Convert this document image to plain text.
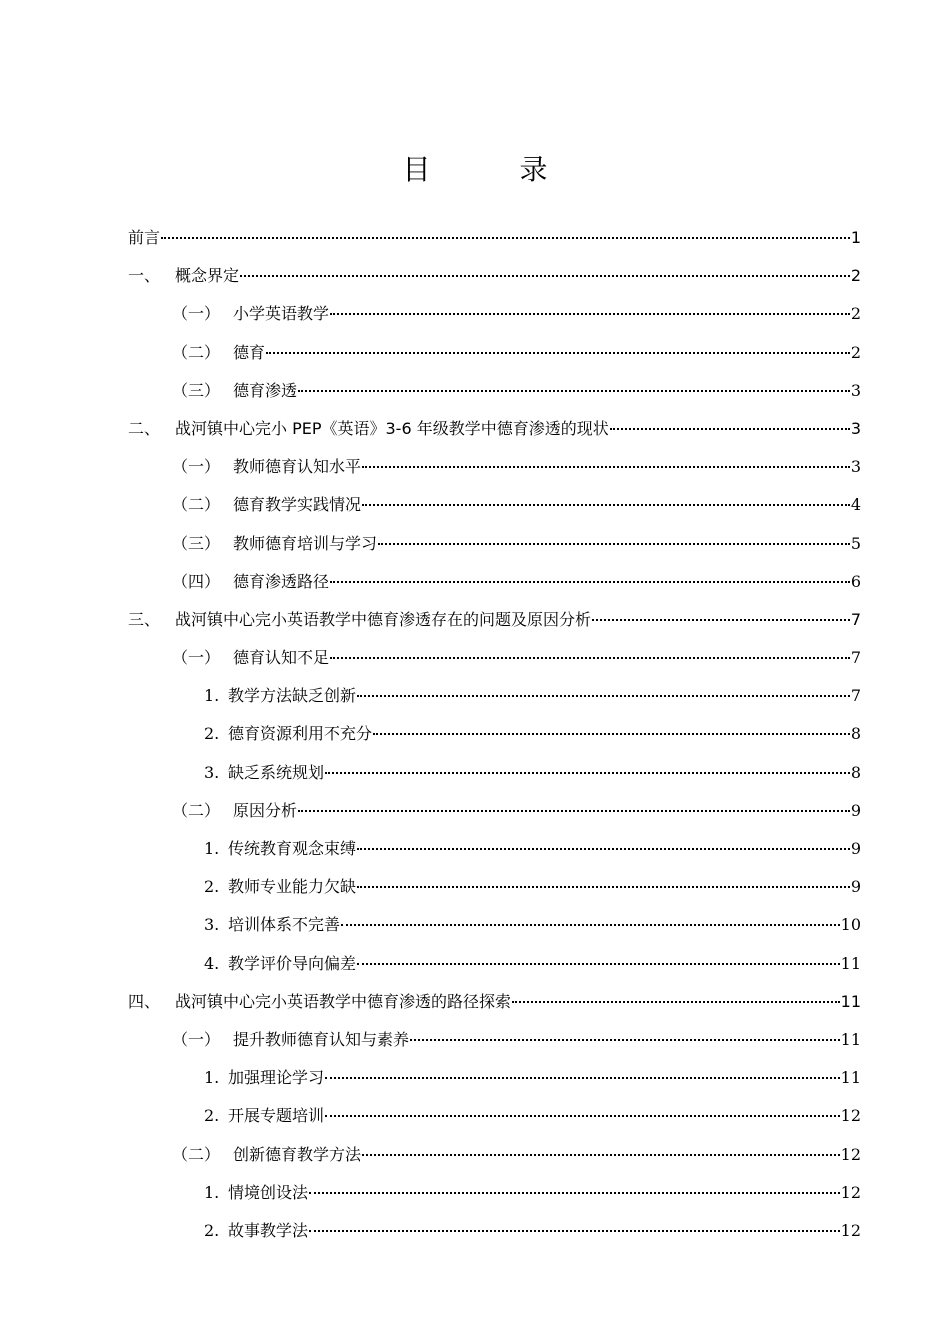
目 录
前言	1
一、 概念界定	2
（一） 小学英语教学	2
（二） 德育	2
（三） 德育渗透	3
二、 战河镇中心完小 PEP《英语》3-6 年级教学中德育渗透的现状	3
（一） 教师德育认知水平	3
（二） 德育教学实践情况	4
（三） 教师德育培训与学习	5
（四） 德育渗透路径	6
三、 战河镇中心完小英语教学中德育渗透存在的问题及原因分析	7
（一） 德育认知不足	7
1. 教学方法缺乏创新	7
2. 德育资源利用不充分	8
3. 缺乏系统规划	8
（二） 原因分析	9
1. 传统教育观念束缚	9
2. 教师专业能力欠缺	9
3. 培训体系不完善	10
4. 教学评价导向偏差	11
四、 战河镇中心完小英语教学中德育渗透的路径探索	11
（一） 提升教师德育认知与素养	11
1. 加强理论学习	11
2. 开展专题培训	12
（二） 创新德育教学方法	12
1. 情境创设法	12
2. 故事教学法	12
